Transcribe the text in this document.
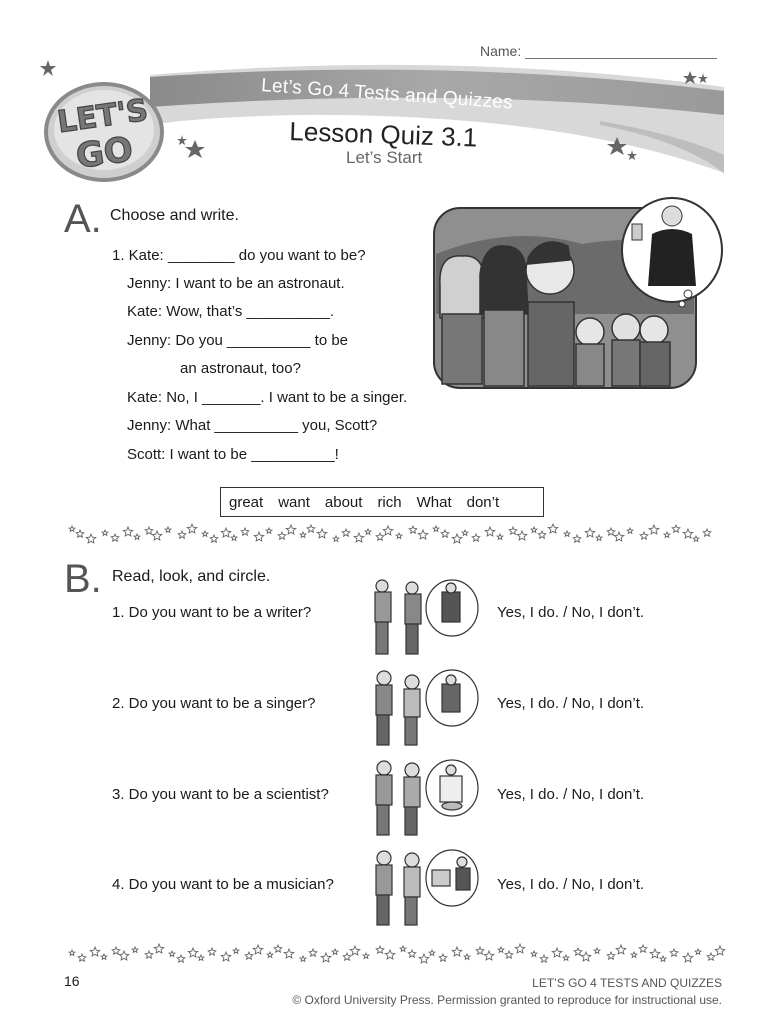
Name:
LET'S
GO
Let’s Go 4 Tests and Quizzes
Lesson Quiz 3.1
Let’s Start
A. Choose and write.
1. Kate: ________ do you want to be?
Jenny: I want to be an astronaut.
Kate: Wow, that’s __________.
Jenny: Do you __________ to be
an astronaut, too?
Kate: No, I _______. I want to be a singer.
Jenny: What __________ you, Scott?
Scott: I want to be __________!
great want about rich What don’t
B. Read, look, and circle.
1. Do you want to be a writer?	Yes, I do. / No, I don’t.
2. Do you want to be a singer?	Yes, I do. / No, I don’t.
3. Do you want to be a scientist?	Yes, I do. / No, I don’t.
4. Do you want to be a musician?	Yes, I do. / No, I don’t.
16	LET’S GO 4 TESTS AND QUIZZES
© Oxford University Press. Permission granted to reproduce for instructional use.
